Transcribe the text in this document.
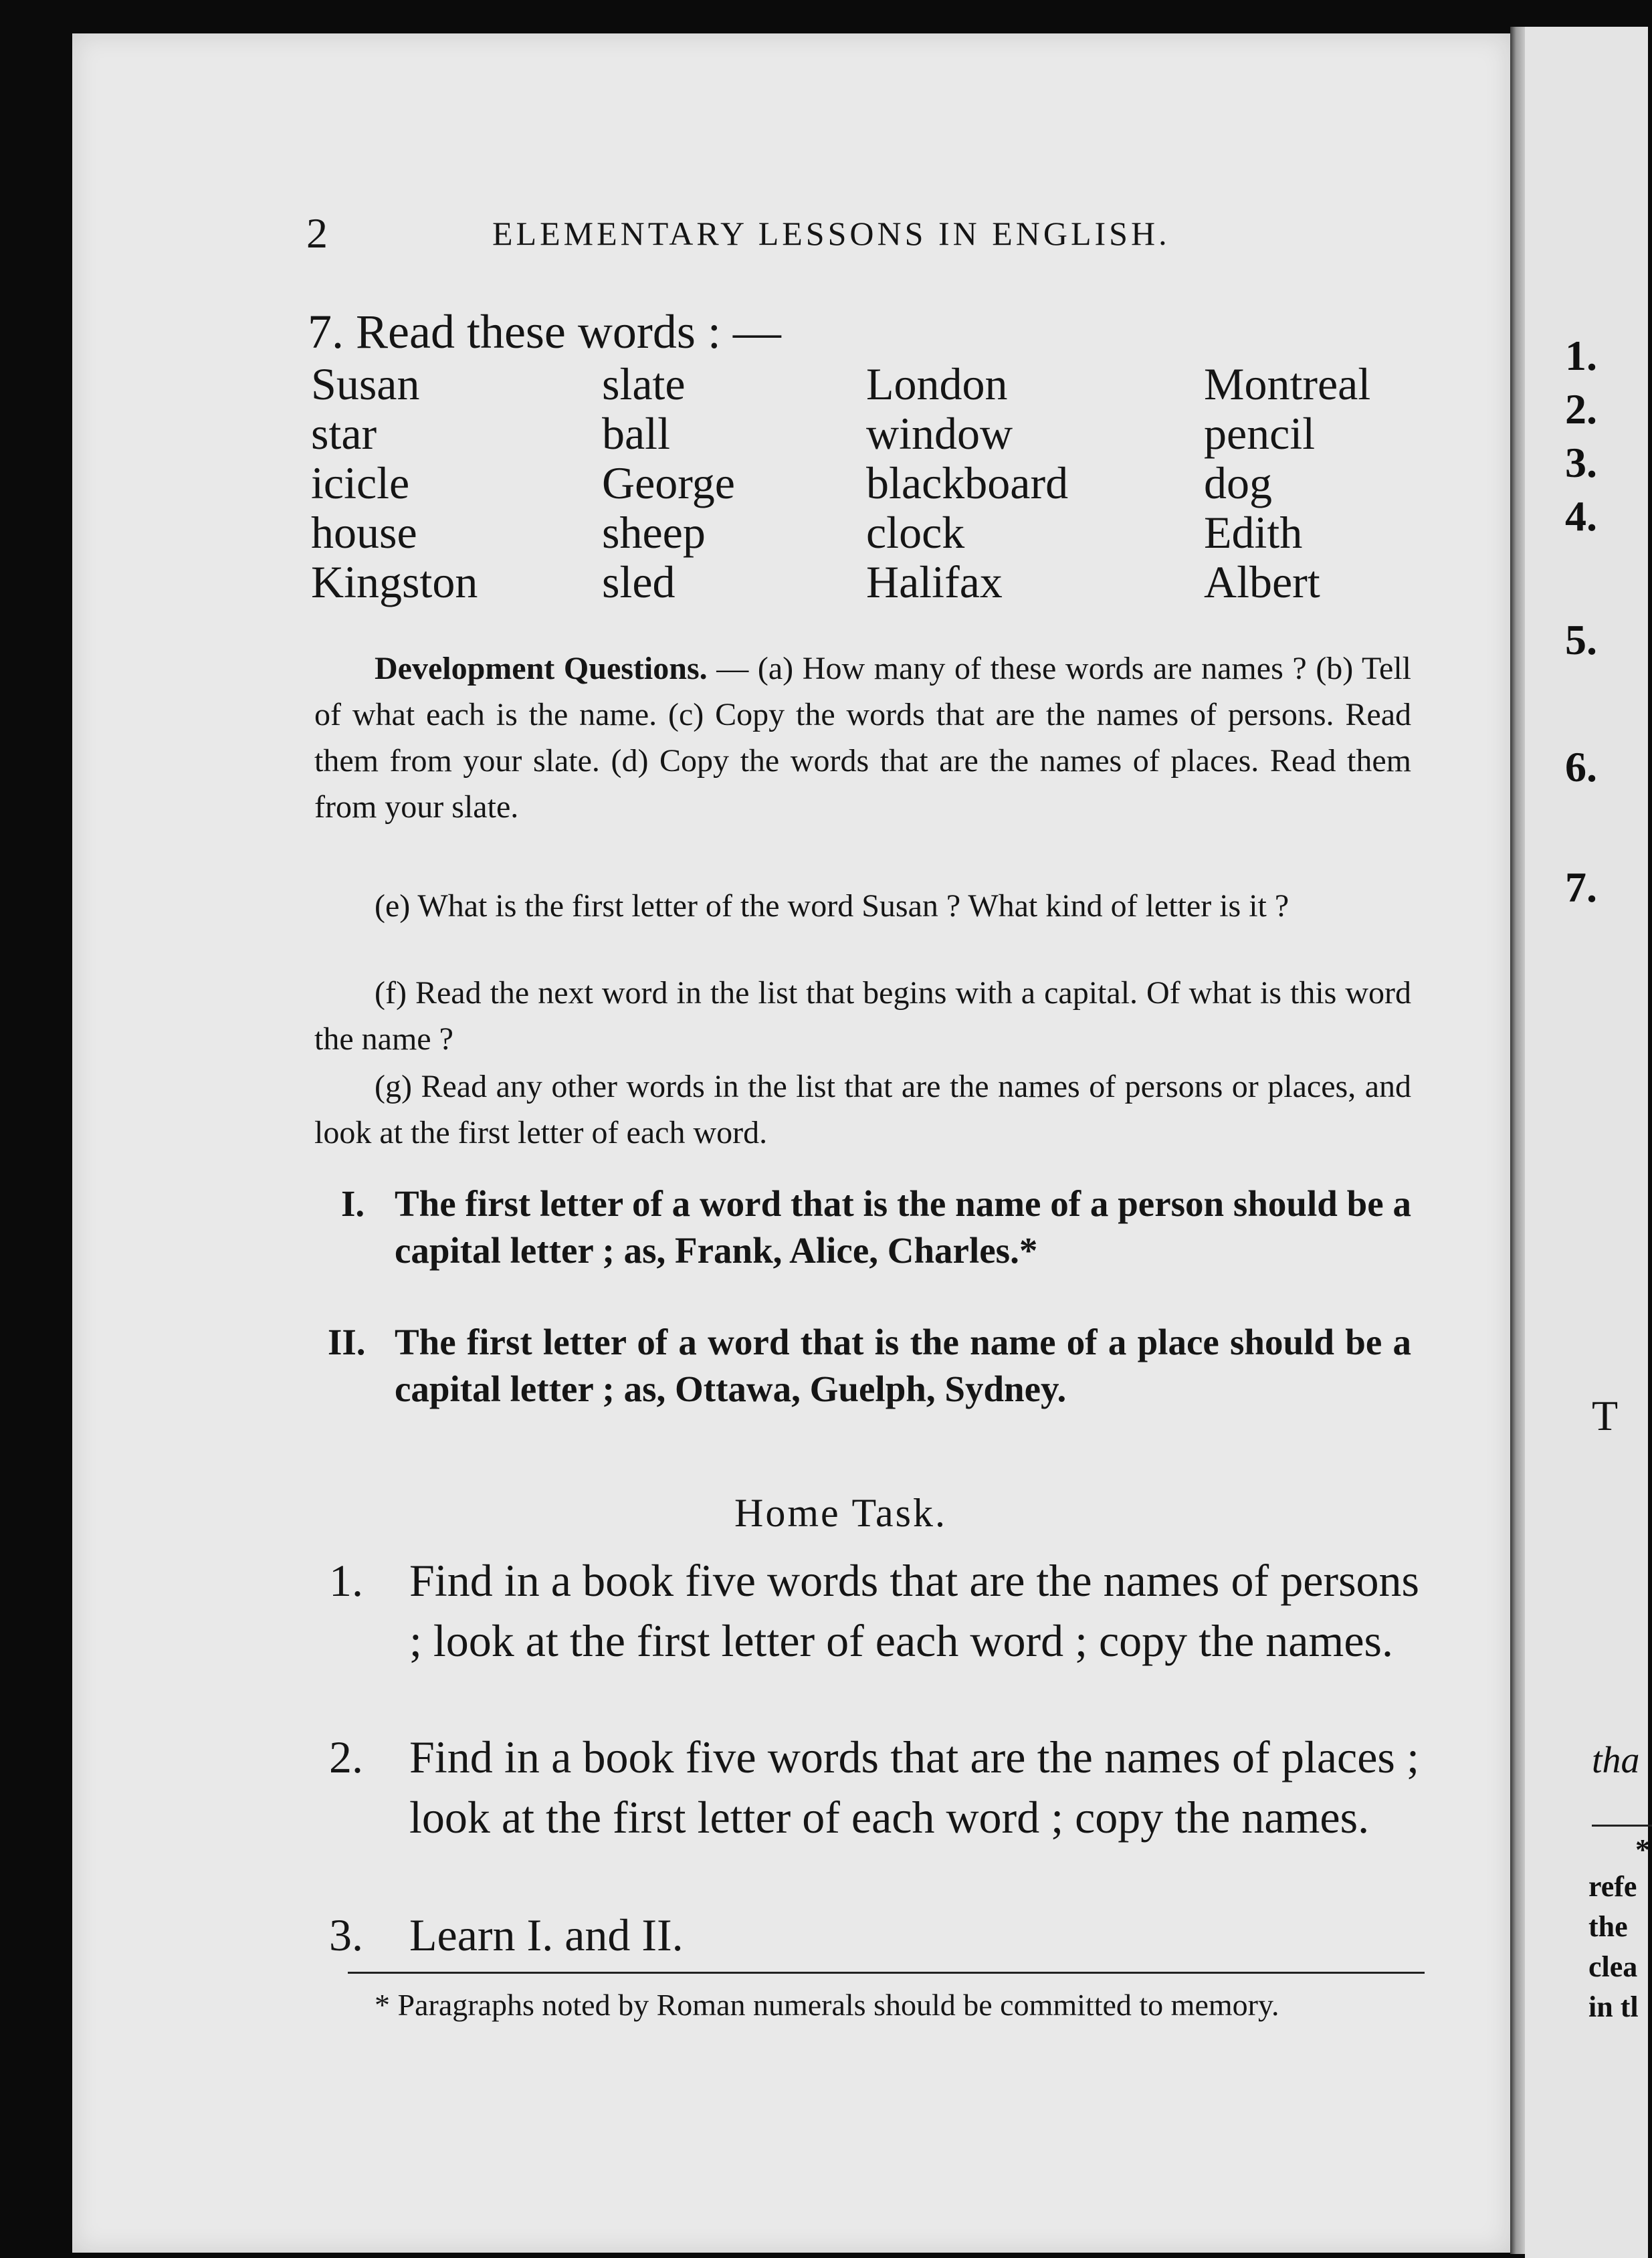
2	ELEMENTARY LESSONS IN ENGLISH.
7. Read these words : —
Susan	slate	London	Montreal
star	ball	window	pencil
icicle	George	blackboard	dog
house	sheep	clock	Edith
Kingston	sled	Halifax	Albert
Development Questions. — (a) How many of these words are names ? (b) Tell of what each is the name. (c) Copy the words that are the names of persons. Read them from your slate. (d) Copy the words that are the names of places. Read them from your slate.
(e) What is the first letter of the word Susan ? What kind of letter is it ?
(f) Read the next word in the list that begins with a capital. Of what is this word the name ?
(g) Read any other words in the list that are the names of persons or places, and look at the first letter of each word.
I. The first letter of a word that is the name of a person should be a capital letter ; as, Frank, Alice, Charles.*
II. The first letter of a word that is the name of a place should be a capital letter ; as, Ottawa, Guelph, Sydney.
Home Task.
1. Find in a book five words that are the names of persons ; look at the first letter of each word ; copy the names.
2. Find in a book five words that are the names of places ; look at the first letter of each word ; copy the names.
3. Learn I. and II.
* Paragraphs noted by Roman numerals should be committed to memory.
1.
2.
3.
4.
5.
6.
7.
T
tha
*
refe
the
clea
in tl
